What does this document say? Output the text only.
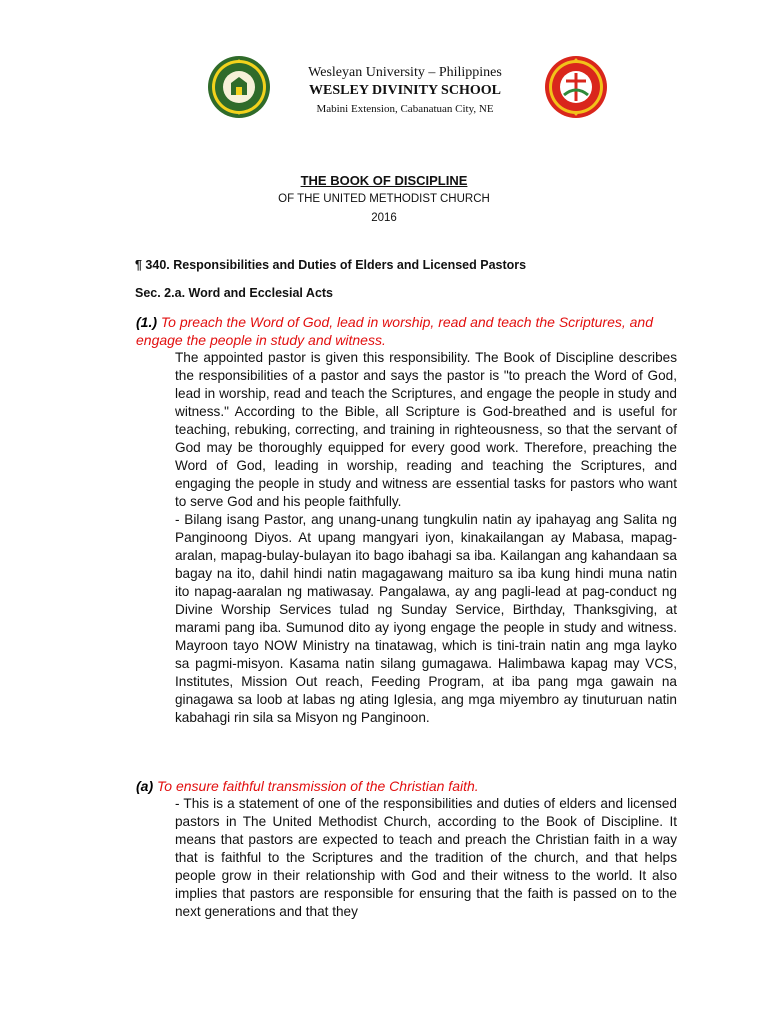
Wesleyan University – Philippines
WESLEY DIVINITY SCHOOL
Mabini Extension, Cabanatuan City, NE
THE BOOK OF DISCIPLINE
OF THE UNITED METHODIST CHURCH
2016
¶ 340. Responsibilities and Duties of Elders and Licensed Pastors
Sec. 2.a. Word and Ecclesial Acts
(1.) To preach the Word of God, lead in worship, read and teach the Scriptures, and engage the people in study and witness.

The appointed pastor is given this responsibility. The Book of Discipline describes the responsibilities of a pastor and says the pastor is "to preach the Word of God, lead in worship, read and teach the Scriptures, and engage the people in study and witness." According to the Bible, all Scripture is God-breathed and is useful for teaching, rebuking, correcting, and training in righteousness, so that the servant of God may be thoroughly equipped for every good work. Therefore, preaching the Word of God, leading in worship, reading and teaching the Scriptures, and engaging the people in study and witness are essential tasks for pastors who want to serve God and his people faithfully.

- Bilang isang Pastor, ang unang-unang tungkulin natin ay ipahayag ang Salita ng Panginoong Diyos. At upang mangyari iyon, kinakailangan ay Mabasa, mapag-aralan, mapag-bulay-bulayan ito bago ibahagi sa iba. Kailangan ang kahandaan sa bagay na ito, dahil hindi natin magagawang maituro sa iba kung hindi muna natin ito napag-aaralan ng matiwasay. Pangalawa, ay ang pagli-lead at pag-conduct ng Divine Worship Services tulad ng Sunday Service, Birthday, Thanksgiving, at marami pang iba. Sumunod dito ay iyong engage the people in study and witness. Mayroon tayo NOW Ministry na tinatawag, which is tini-train natin ang mga layko sa pagmi-misyon. Kasama natin silang gumagawa. Halimbawa kapag may VCS, Institutes, Mission Out reach, Feeding Program, at iba pang mga gawain na ginagawa sa loob at labas ng ating Iglesia, ang mga miyembro ay tinuturuan natin kabahagi rin sila sa Misyon ng Panginoon.

(a) To ensure faithful transmission of the Christian faith.

- This is a statement of one of the responsibilities and duties of elders and licensed pastors in The United Methodist Church, according to the Book of Discipline. It means that pastors are expected to teach and preach the Christian faith in a way that is faithful to the Scriptures and the tradition of the church, and that helps people grow in their relationship with God and their witness to the world. It also implies that pastors are responsible for ensuring that the faith is passed on to the next generations and that they
